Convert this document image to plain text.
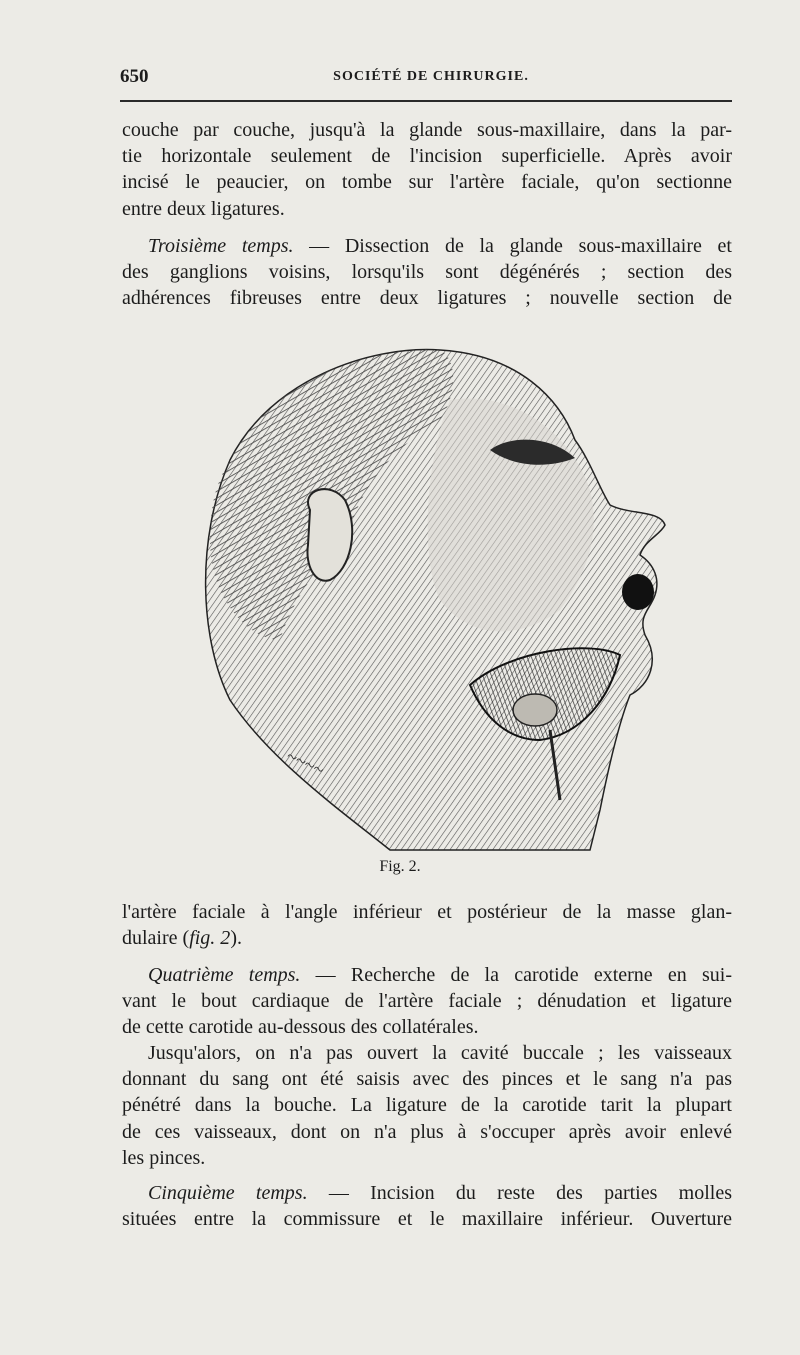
650	SOCIÉTÉ DE CHIRURGIE.
couche par couche, jusqu'à la glande sous-maxillaire, dans la par-
tie horizontale seulement de l'incision superficielle. Après avoir
incisé le peaucier, on tombe sur l'artère faciale, qu'on sectionne
entre deux ligatures.
Troisième temps. — Dissection de la glande sous-maxillaire et
des ganglions voisins, lorsqu'ils sont dégénérés ; section des
adhérences fibreuses entre deux ligatures ; nouvelle section de
~~~~
Fig. 2.
l'artère faciale à l'angle inférieur et postérieur de la masse glan-
dulaire (fig. 2).
Quatrième temps. — Recherche de la carotide externe en sui-
vant le bout cardiaque de l'artère faciale ; dénudation et ligature
de cette carotide au-dessous des collatérales.
Jusqu'alors, on n'a pas ouvert la cavité buccale ; les vaisseaux
donnant du sang ont été saisis avec des pinces et le sang n'a pas
pénétré dans la bouche. La ligature de la carotide tarit la plupart
de ces vaisseaux, dont on n'a plus à s'occuper après avoir enlevé
les pinces.
Cinquième temps. — Incision du reste des parties molles
situées entre la commissure et le maxillaire inférieur. Ouverture
